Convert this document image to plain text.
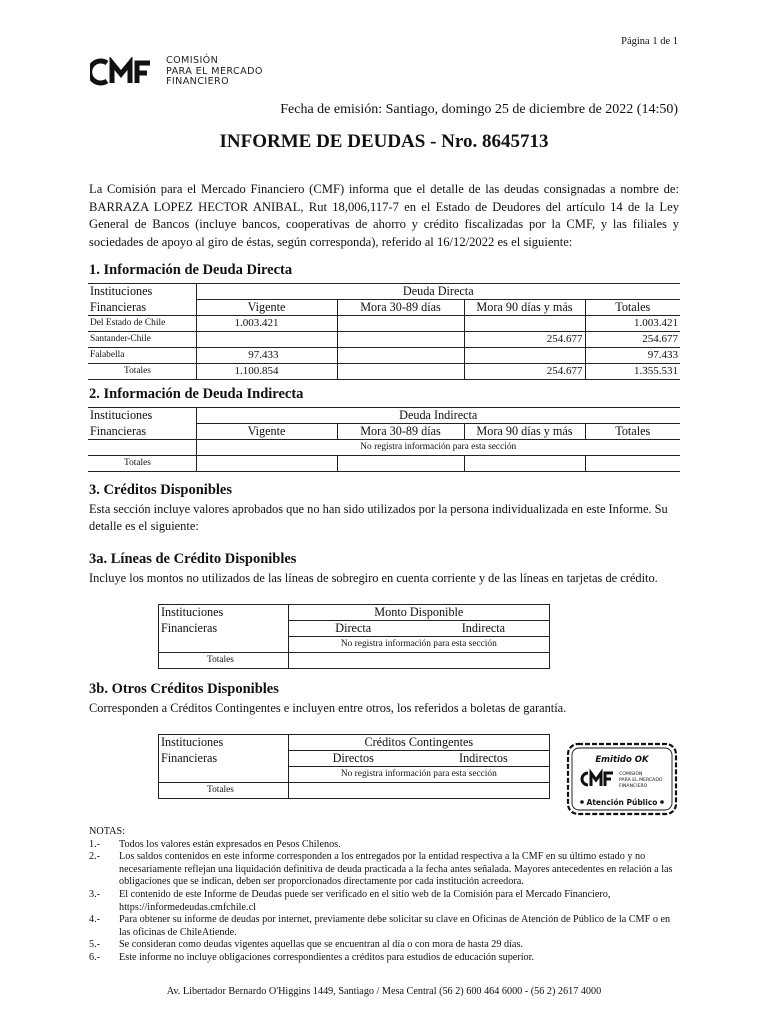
Página 1 de 1
COMISIÓN
PARA EL MERCADO
FINANCIERO
Fecha de emisión: Santiago, domingo 25 de diciembre de 2022 (14:50)
INFORME DE DEUDAS - Nro. 8645713
La Comisión para el Mercado Financiero (CMF) informa que el detalle de las deudas consignadas a nombre de: BARRAZA LOPEZ HECTOR ANIBAL, Rut 18,006,117-7 en el Estado de Deudores del artículo 14 de la Ley General de Bancos (incluye bancos, cooperativas de ahorro y crédito fiscalizadas por la CMF, y las filiales y sociedades de apoyo al giro de éstas, según corresponda), referido al 16/12/2022 es el siguiente:
1. Información de Deuda Directa
Instituciones	Deuda Directa			
Financieras	Vigente	Mora 30-89 días	Mora 90 días y más	Totales
Del Estado de Chile	1.003.421			1.003.421
Santander-Chile			254.677	254.677
Falabella	97.433			97.433
Totales	1.100.854		254.677	1.355.531
2. Información de Deuda Indirecta
Instituciones	Deuda Indirecta			
Financieras	Vigente	Mora 30-89 días	Mora 90 días y más	Totales
	No registra información para esta sección			
Totales				
3. Créditos Disponibles
Esta sección incluye valores aprobados que no han sido utilizados por la persona individualizada en este Informe. Su detalle es el siguiente:
3a. Líneas de Crédito Disponibles
Incluye los montos no utilizados de las líneas de sobregiro en cuenta corriente y de las líneas en tarjetas de crédito.
Instituciones	Monto Disponible	
Financieras	Directa	Indirecta
	No registra información para esta sección	
Totales		
3b. Otros Créditos Disponibles
Corresponden a Créditos Contingentes e incluyen entre otros, los referidos a boletas de garantía.
Instituciones	Créditos Contingentes	
Financieras	Directos	Indirectos
	No registra información para esta sección	
Totales		
Emitido OK
COMISIÓN
PARA EL MERCADO
FINANCIERO
Atención Público
NOTAS:
1.-	Todos los valores están expresados en Pesos Chilenos.
2.-	Los saldos contenidos en este informe corresponden a los entregados por la entidad respectiva a la CMF en su último estado y no necesariamente reflejan una liquidación definitiva de deuda practicada a la fecha antes señalada. Mayores antecedentes en relación a las obligaciones que se indican, deben ser proporcionados directamente por cada institución acreedora.
3.-	El contenido de este Informe de Deudas puede ser verificado en el sitio web de la Comisión para el Mercado Financiero, https://informedeudas.cmfchile.cl
4.-	Para obtener su informe de deudas por internet, previamente debe solicitar su clave en Oficinas de Atención de Público de la CMF o en las oficinas de ChileAtiende.
5.-	Se consideran como deudas vigentes aquellas que se encuentran al día o con mora de hasta 29 días.
6.-	Este informe no incluye obligaciones correspondientes a créditos para estudios de educación superior.
Av. Libertador Bernardo O'Higgins 1449, Santiago / Mesa Central (56 2) 600 464 6000 - (56 2) 2617 4000
